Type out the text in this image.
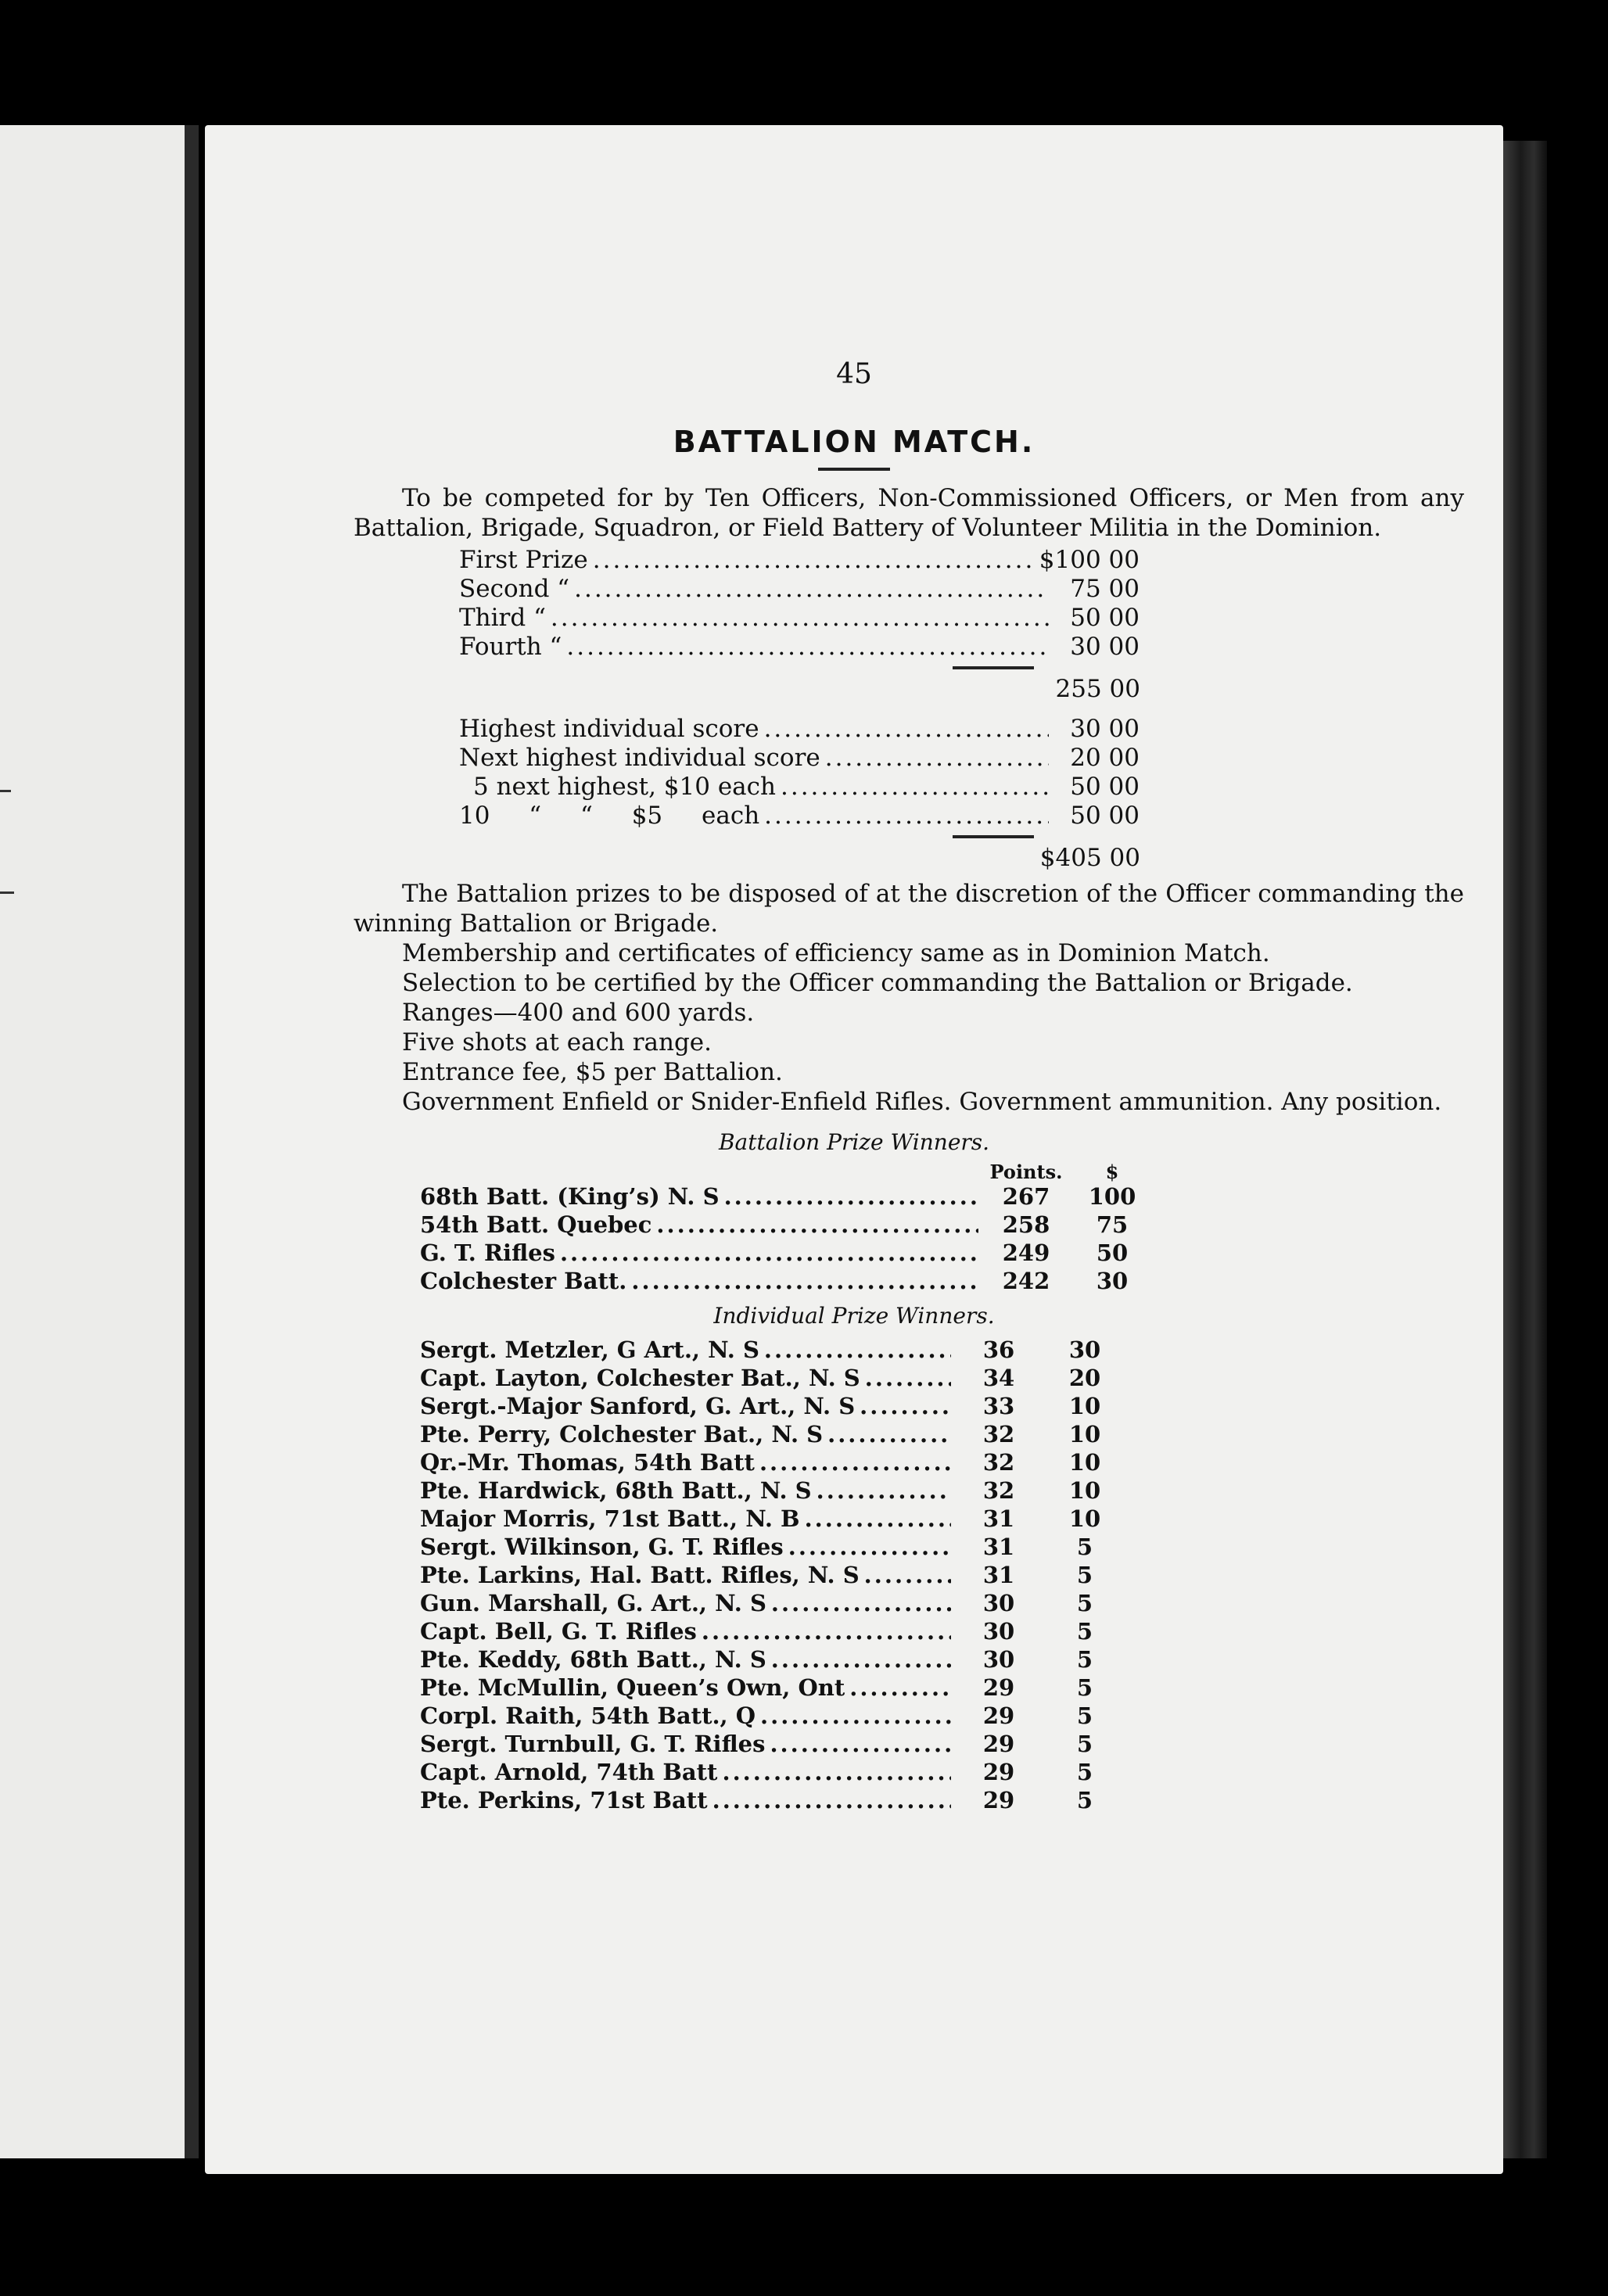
45
BATTALION MATCH.

To be competed for by Ten Officers, Non-Commissioned Officers, or Men from any Battalion, Brigade, Squadron, or Field Battery of Volunteer Militia in the Dominion.

First Prize .....	$100 00
Second “ .....	75 00
Third “ .....	50 00
Fourth “ .....	30 00
255 00
Highest individual score .....	30 00
Next highest individual score .....	20 00
5 next highest, $10 each .....	50 00
10 “ “ $5 each .....	50 00
$405 00

The Battalion prizes to be disposed of at the discretion of the Officer commanding the winning Battalion or Brigade.

Membership and certificates of efficiency same as in Dominion Match.

Selection to be certified by the Officer commanding the Battalion or Brigade.

Ranges—400 and 600 yards.

Five shots at each range.

Entrance fee, $5 per Battalion.

Government Enfield or Snider-Enfield Rifles. Government ammunition. Any position.

Battalion Prize Winners.
Points.	$
68th Batt. (King’s) N. S .....	267	100
54th Batt. Quebec .....	258	75
G. T. Rifles .....	249	50
Colchester Batt. .....	242	30
Individual Prize Winners.
Sergt. Metzler, G Art., N. S .....	36	30
Capt. Layton, Colchester Bat., N. S .....	34	20
Sergt.-Major Sanford, G. Art., N. S .....	33	10
Pte. Perry, Colchester Bat., N. S .....	32	10
Qr.-Mr. Thomas, 54th Batt .....	32	10
Pte. Hardwick, 68th Batt., N. S .....	32	10
Major Morris, 71st Batt., N. B .....	31	10
Sergt. Wilkinson, G. T. Rifles .....	31	5
Pte. Larkins, Hal. Batt. Rifles, N. S .....	31	5
Gun. Marshall, G. Art., N. S .....	30	5
Capt. Bell, G. T. Rifles .....	30	5
Pte. Keddy, 68th Batt., N. S .....	30	5
Pte. McMullin, Queen’s Own, Ont .....	29	5
Corpl. Raith, 54th Batt., Q .....	29	5
Sergt. Turnbull, G. T. Rifles .....	29	5
Capt. Arnold, 74th Batt .....	29	5
Pte. Perkins, 71st Batt .....	29	5
